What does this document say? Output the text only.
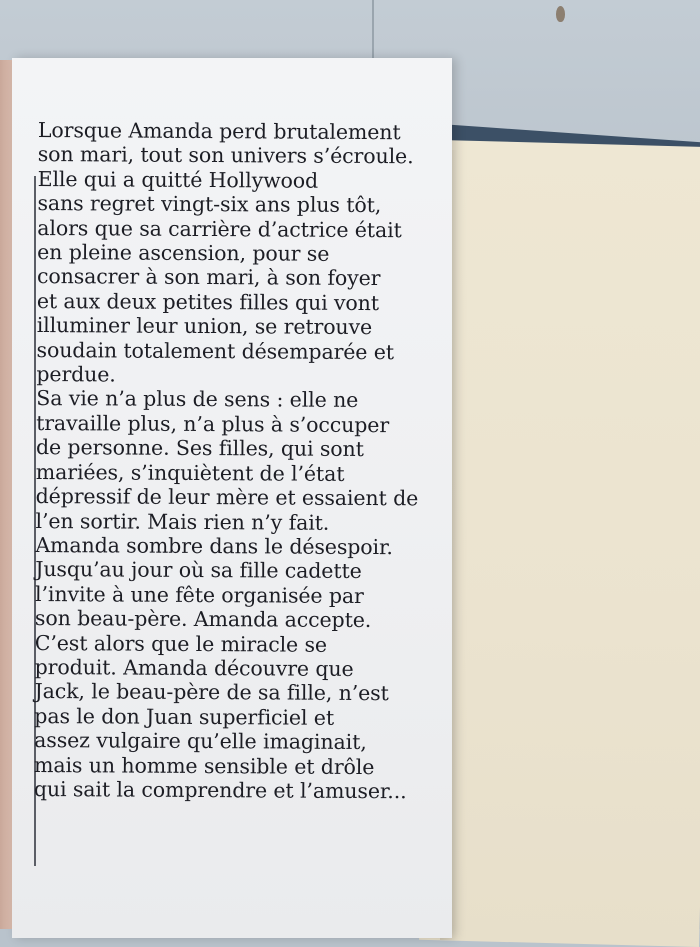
Lorsque Amanda perd brutalement
son mari, tout son univers s’écroule.
Elle qui a quitté Hollywood
sans regret vingt-six ans plus tôt,
alors que sa carrière d’actrice était
en pleine ascension, pour se
consacrer à son mari, à son foyer
et aux deux petites filles qui vont
illuminer leur union, se retrouve
soudain totalement désemparée et
perdue.
Sa vie n’a plus de sens : elle ne
travaille plus, n’a plus à s’occuper
de personne. Ses filles, qui sont
mariées, s’inquiètent de l’état
dépressif de leur mère et essaient de
l’en sortir. Mais rien n’y fait.
Amanda sombre dans le désespoir.
Jusqu’au jour où sa fille cadette
l’invite à une fête organisée par
son beau-père. Amanda accepte.
C’est alors que le miracle se
produit. Amanda découvre que
Jack, le beau-père de sa fille, n’est
pas le don Juan superficiel et
assez vulgaire qu’elle imaginait,
mais un homme sensible et drôle
qui sait la comprendre et l’amuser...
